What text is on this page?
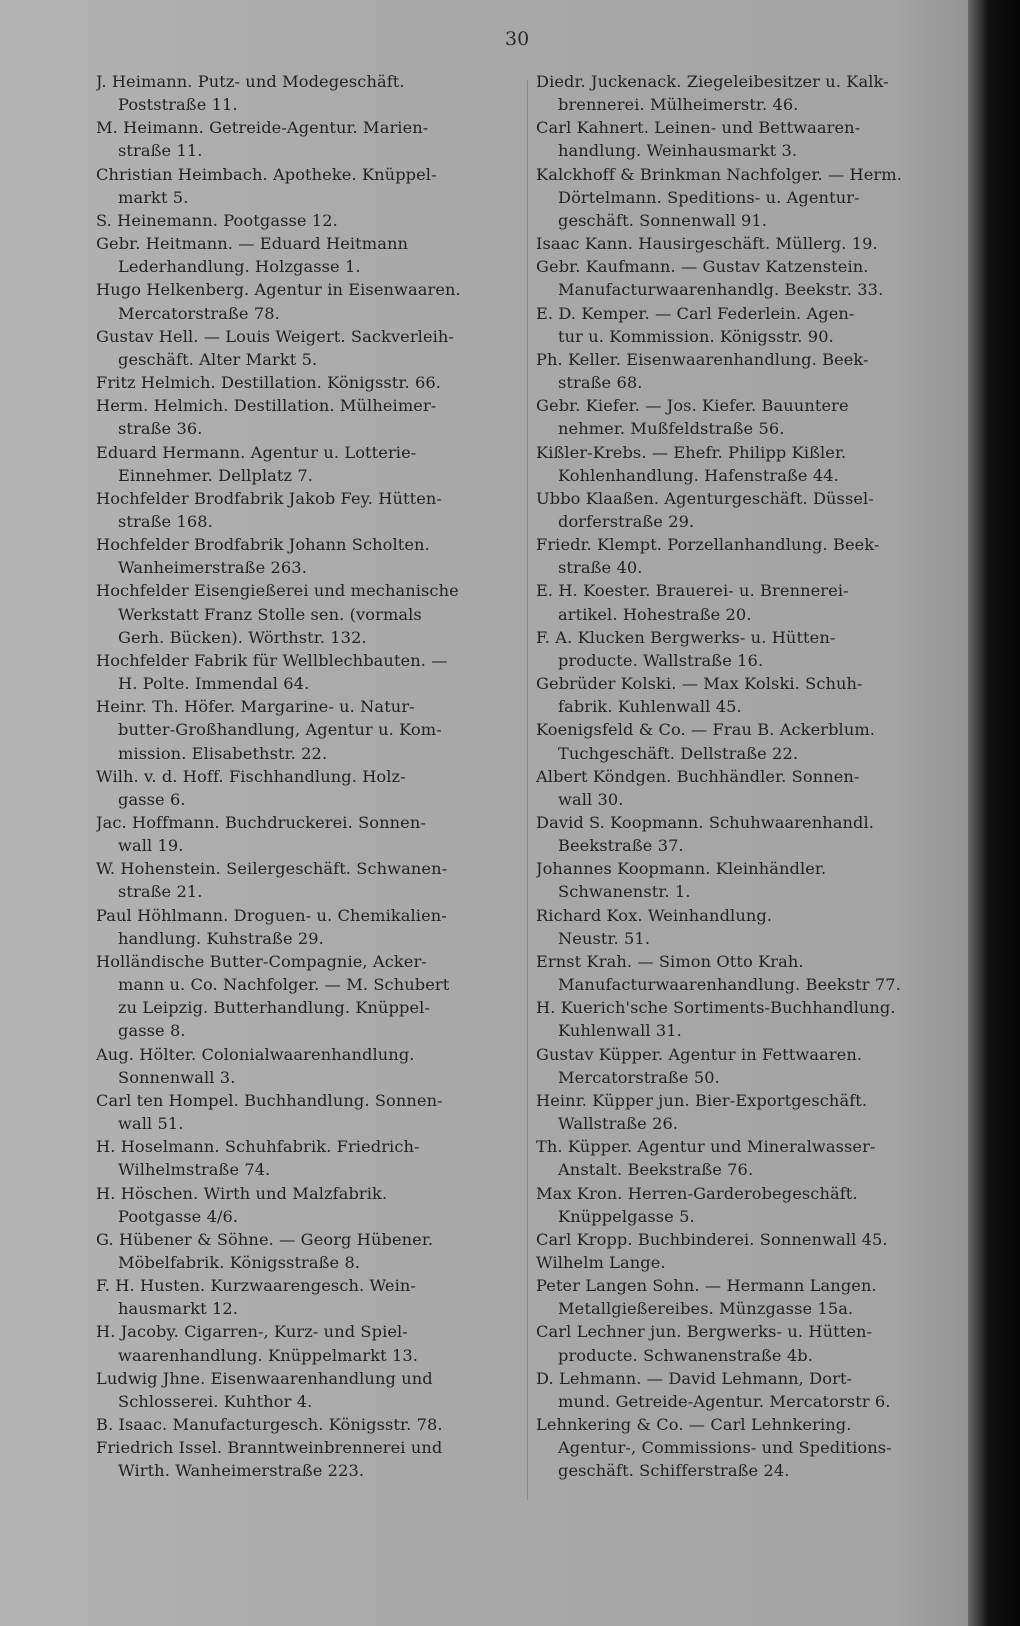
30
J. Heimann. Putz- und Modegeschäft.
Poststraße 11.
M. Heimann. Getreide-Agentur. Marien-
straße 11.
Christian Heimbach. Apotheke. Knüppel-
markt 5.
S. Heinemann. Pootgasse 12.
Gebr. Heitmann. — Eduard Heitmann
Lederhandlung. Holzgasse 1.
Hugo Helkenberg. Agentur in Eisenwaaren.
Mercatorstraße 78.
Gustav Hell. — Louis Weigert. Sackverleih-
geschäft. Alter Markt 5.
Fritz Helmich. Destillation. Königsstr. 66.
Herm. Helmich. Destillation. Mülheimer-
straße 36.
Eduard Hermann. Agentur u. Lotterie-
Einnehmer. Dellplatz 7.
Hochfelder Brodfabrik Jakob Fey. Hütten-
straße 168.
Hochfelder Brodfabrik Johann Scholten.
Wanheimerstraße 263.
Hochfelder Eisengießerei und mechanische
Werkstatt Franz Stolle sen. (vormals
Gerh. Bücken). Wörthstr. 132.
Hochfelder Fabrik für Wellblechbauten. —
H. Polte. Immendal 64.
Heinr. Th. Höfer. Margarine- u. Natur-
butter-Großhandlung, Agentur u. Kom-
mission. Elisabethstr. 22.
Wilh. v. d. Hoff. Fischhandlung. Holz-
gasse 6.
Jac. Hoffmann. Buchdruckerei. Sonnen-
wall 19.
W. Hohenstein. Seilergeschäft. Schwanen-
straße 21.
Paul Höhlmann. Droguen- u. Chemikalien-
handlung. Kuhstraße 29.
Holländische Butter-Compagnie, Acker-
mann u. Co. Nachfolger. — M. Schubert
zu Leipzig. Butterhandlung. Knüppel-
gasse 8.
Aug. Hölter. Colonialwaarenhandlung.
Sonnenwall 3.
Carl ten Hompel. Buchhandlung. Sonnen-
wall 51.
H. Hoselmann. Schuhfabrik. Friedrich-
Wilhelmstraße 74.
H. Höschen. Wirth und Malzfabrik.
Pootgasse 4/6.
G. Hübener & Söhne. — Georg Hübener.
Möbelfabrik. Königsstraße 8.
F. H. Husten. Kurzwaarengesch. Wein-
hausmarkt 12.
H. Jacoby. Cigarren-, Kurz- und Spiel-
waarenhandlung. Knüppelmarkt 13.
Ludwig Jhne. Eisenwaarenhandlung und
Schlosserei. Kuhthor 4.
B. Isaac. Manufacturgesch. Königsstr. 78.
Friedrich Issel. Branntweinbrennerei und
Wirth. Wanheimerstraße 223.
Diedr. Juckenack. Ziegeleibesitzer u. Kalk-
brennerei. Mülheimerstr. 46.
Carl Kahnert. Leinen- und Bettwaaren-
handlung. Weinhausmarkt 3.
Kalckhoff & Brinkman Nachfolger. — Herm.
Dörtelmann. Speditions- u. Agentur-
geschäft. Sonnenwall 91.
Isaac Kann. Hausirgeschäft. Müllerg. 19.
Gebr. Kaufmann. — Gustav Katzenstein.
Manufacturwaarenhandlg. Beekstr. 33.
E. D. Kemper. — Carl Federlein. Agen-
tur u. Kommission. Königsstr. 90.
Ph. Keller. Eisenwaarenhandlung. Beek-
straße 68.
Gebr. Kiefer. — Jos. Kiefer. Bauuntere
nehmer. Mußfeldstraße 56.
Kißler-Krebs. — Ehefr. Philipp Kißler.
Kohlenhandlung. Hafenstraße 44.
Ubbo Klaaßen. Agenturgeschäft. Düssel-
dorferstraße 29.
Friedr. Klempt. Porzellanhandlung. Beek-
straße 40.
E. H. Koester. Brauerei- u. Brennerei-
artikel. Hohestraße 20.
F. A. Klucken Bergwerks- u. Hütten-
producte. Wallstraße 16.
Gebrüder Kolski. — Max Kolski. Schuh-
fabrik. Kuhlenwall 45.
Koenigsfeld & Co. — Frau B. Ackerblum.
Tuchgeschäft. Dellstraße 22.
Albert Köndgen. Buchhändler. Sonnen-
wall 30.
David S. Koopmann. Schuhwaarenhandl.
Beekstraße 37.
Johannes Koopmann. Kleinhändler.
Schwanenstr. 1.
Richard Kox. Weinhandlung.
Neustr. 51.
Ernst Krah. — Simon Otto Krah.
Manufacturwaarenhandlung. Beekstr 77.
H. Kuerich'sche Sortiments-Buchhandlung.
Kuhlenwall 31.
Gustav Küpper. Agentur in Fettwaaren.
Mercatorstraße 50.
Heinr. Küpper jun. Bier-Exportgeschäft.
Wallstraße 26.
Th. Küpper. Agentur und Mineralwasser-
Anstalt. Beekstraße 76.
Max Kron. Herren-Garderobegeschäft.
Knüppelgasse 5.
Carl Kropp. Buchbinderei. Sonnenwall 45.
Wilhelm Lange.
Peter Langen Sohn. — Hermann Langen.
Metallgießereibes. Münzgasse 15a.
Carl Lechner jun. Bergwerks- u. Hütten-
producte. Schwanenstraße 4b.
D. Lehmann. — David Lehmann, Dort-
mund. Getreide-Agentur. Mercatorstr 6.
Lehnkering & Co. — Carl Lehnkering.
Agentur-, Commissions- und Speditions-
geschäft. Schifferstraße 24.
